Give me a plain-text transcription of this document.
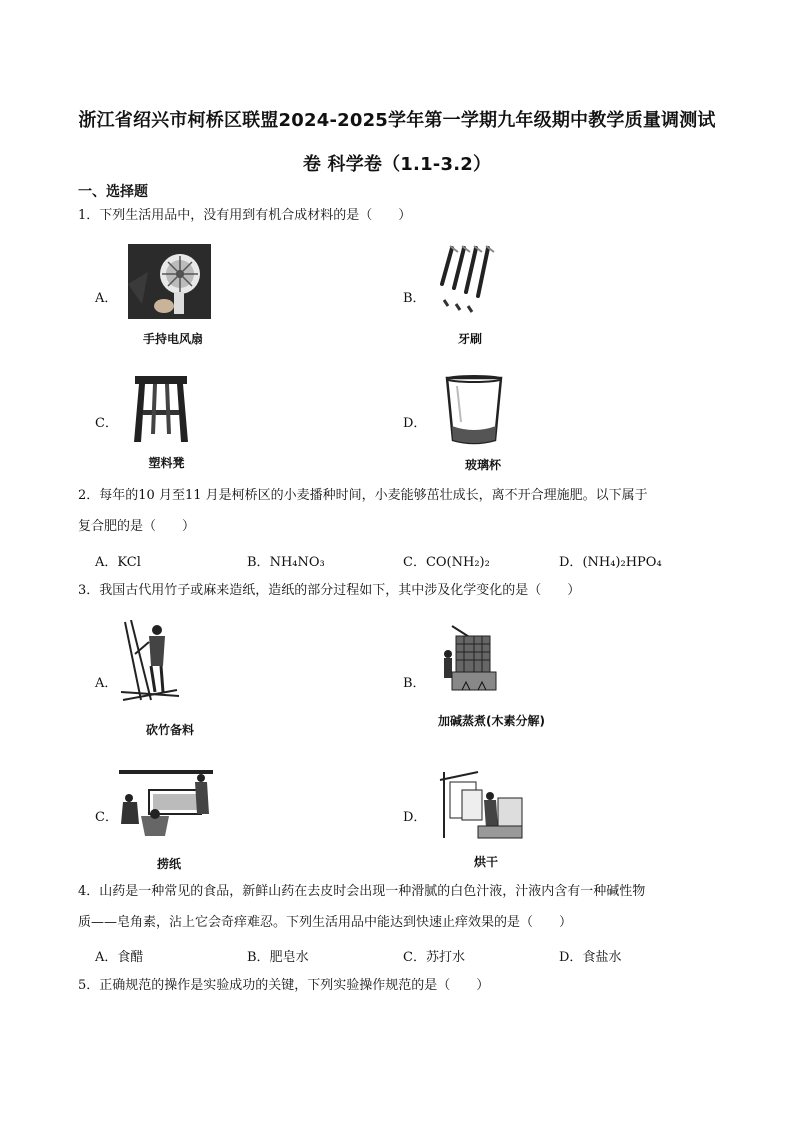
浙江省绍兴市柯桥区联盟2024-2025学年第一学期九年级期中教学质量调测试
卷 科学卷（1.1-3.2）
一、选择题
1．下列生活用品中，没有用到有机合成材料的是（　　）
A．
手持电风扇
B．
牙刷
C．
塑料凳
D．
玻璃杯
2．每年的10 月至11 月是柯桥区的小麦播种时间，小麦能够茁壮成长，离不开合理施肥。以下属于
复合肥的是（　　）
A．KCl	B．NH₄NO₃	C．CO(NH₂)₂	D．(NH₄)₂HPO₄
3．我国古代用竹子或麻来造纸，造纸的部分过程如下，其中涉及化学变化的是（　　）
A．
砍竹备料
B．
加碱蒸煮(木素分解)
C．
捞纸
D．
烘干
4．山药是一种常见的食品，新鲜山药在去皮时会出现一种滑腻的白色汁液，汁液内含有一种碱性物
质——皂角素，沾上它会奇痒难忍。下列生活用品中能达到快速止痒效果的是（　　）
A．食醋	B．肥皂水	C．苏打水	D．食盐水
5．正确规范的操作是实验成功的关键，下列实验操作规范的是（　　）
